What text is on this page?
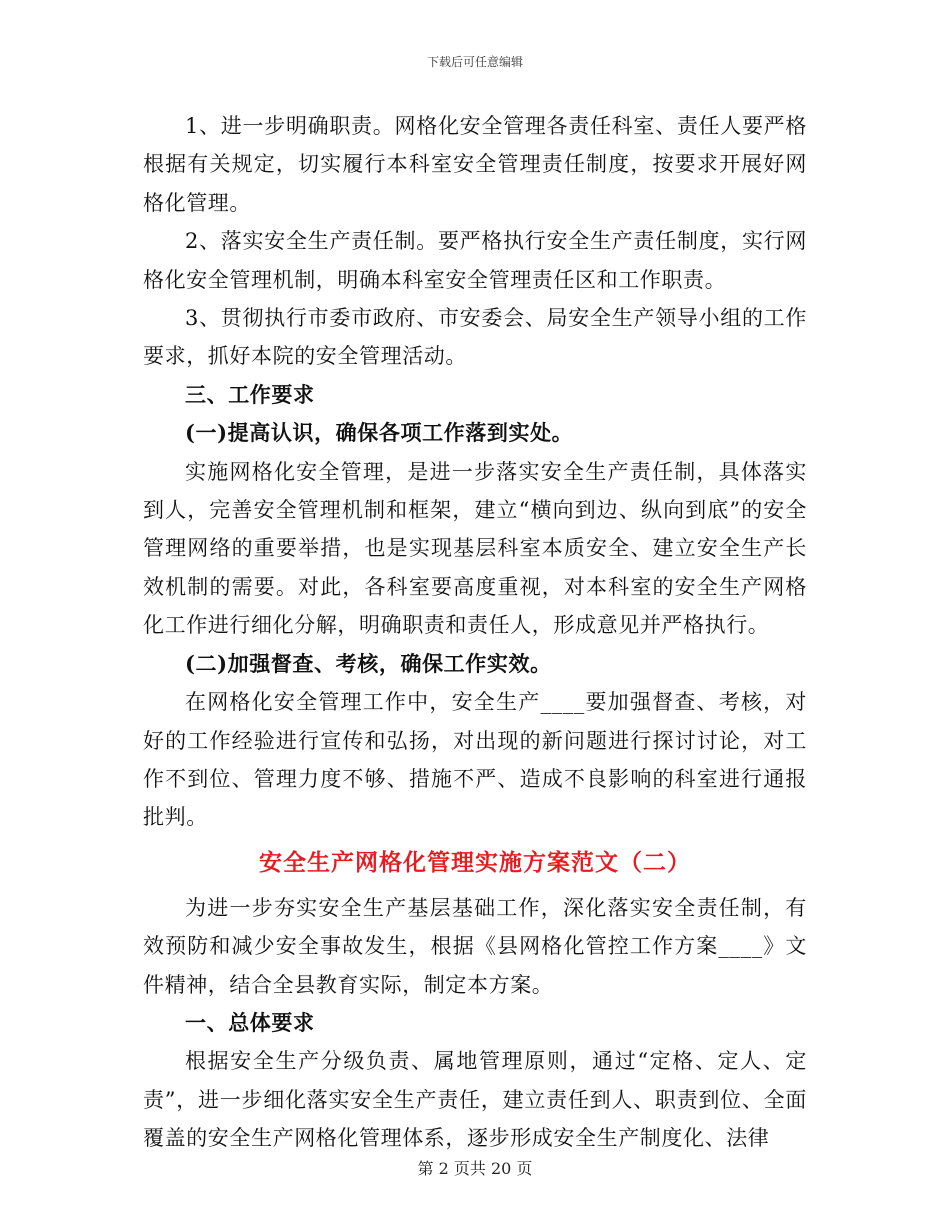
下载后可任意编辑

1、进一步明确职责。网格化安全管理各责任科室、责任人要严格根据有关规定，切实履行本科室安全管理责任制度，按要求开展好网格化管理。

2、落实安全生产责任制。要严格执行安全生产责任制度，实行网格化安全管理机制，明确本科室安全管理责任区和工作职责。

3、贯彻执行市委市政府、市安委会、局安全生产领导小组的工作要求，抓好本院的安全管理活动。

三、工作要求

(一)提高认识，确保各项工作落到实处。

实施网格化安全管理，是进一步落实安全生产责任制，具体落实到人，完善安全管理机制和框架，建立“横向到边、纵向到底”的安全管理网络的重要举措，也是实现基层科室本质安全、建立安全生产长效机制的需要。对此，各科室要高度重视，对本科室的安全生产网格化工作进行细化分解，明确职责和责任人，形成意见并严格执行。

(二)加强督查、考核，确保工作实效。

在网格化安全管理工作中，安全生产____要加强督查、考核，对好的工作经验进行宣传和弘扬，对出现的新问题进行探讨讨论，对工作不到位、管理力度不够、措施不严、造成不良影响的科室进行通报批判。

安全生产网格化管理实施方案范文（二）

为进一步夯实安全生产基层基础工作，深化落实安全责任制，有效预防和减少安全事故发生，根据《县网格化管控工作方案____》文件精神，结合全县教育实际，制定本方案。

一、总体要求

根据安全生产分级负责、属地管理原则，通过“定格、定人、定责”，进一步细化落实安全生产责任，建立责任到人、职责到位、全面覆盖的安全生产网格化管理体系，逐步形成安全生产制度化、法律

第 2 页共 20 页
